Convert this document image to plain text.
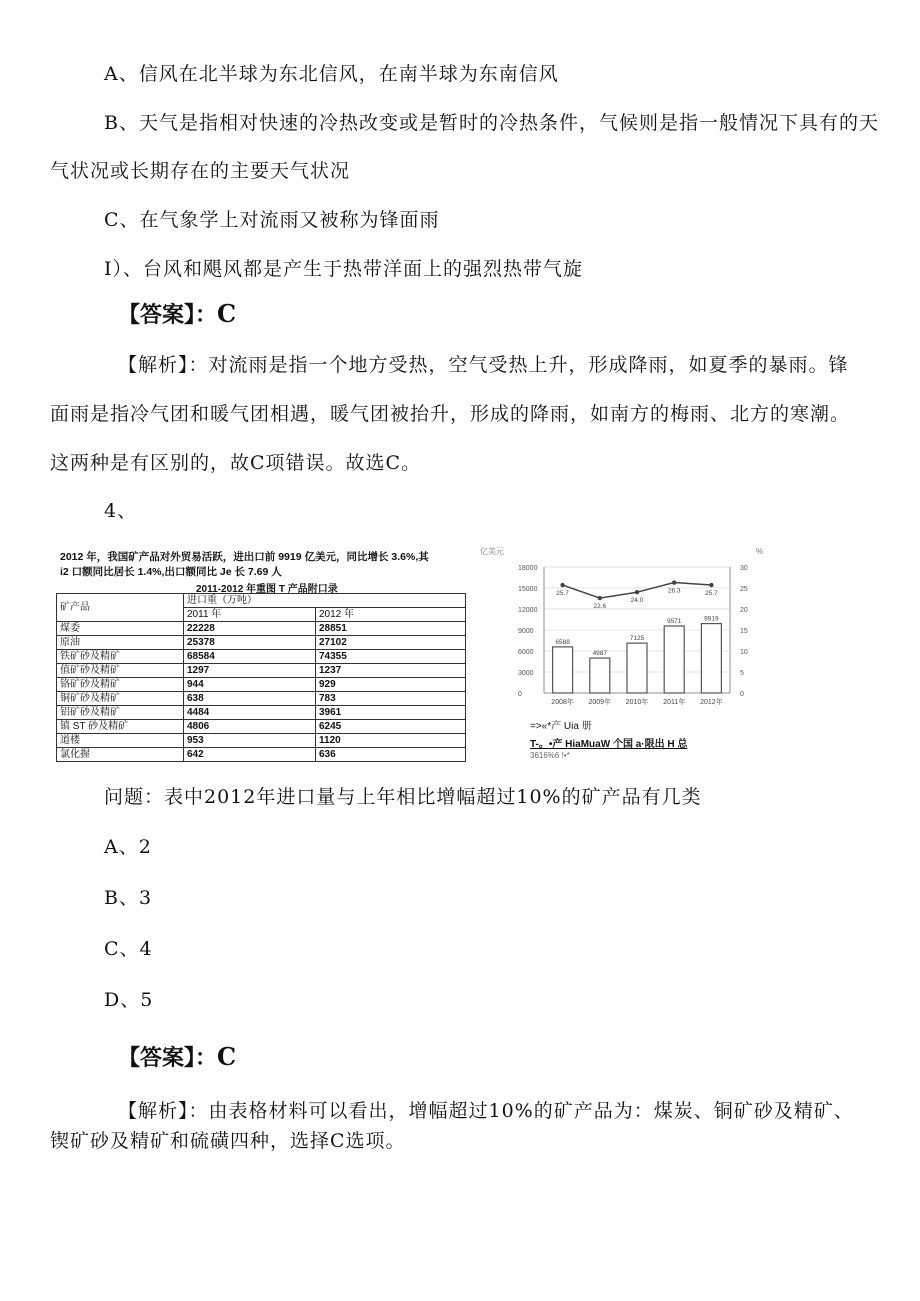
A、信风在北半球为东北信风，在南半球为东南信风
B、天气是指相对快速的冷热改变或是暂时的冷热条件，气候则是指一般情况下具有的天
气状况或长期存在的主要天气状况
C、在气象学上对流雨又被称为锋面雨
I）、台风和飓风都是产生于热带洋面上的强烈热带气旋
【答案】：C
【解析】：对流雨是指一个地方受热，空气受热上升，形成降雨，如夏季的暴雨。锋
面雨是指冷气团和暖气团相遇，暖气团被抬升，形成的降雨，如南方的梅雨、北方的寒潮。
这两种是有区别的，故C项错误。故选C。
4、
2012 年，我国矿产品对外贸易活跃，进出口前 9919 亿美元，同比增长 3.6%,其
i2 口额同比居长 1.4%,出口额同比 Je 长 7.69 人
2011-2012 年重图 T 产品附口录
矿产品	进口重（万吨）	
	2011 年	2012 年
煤委	22228	28851
原油	25378	27102
铁矿砂及精矿	68584	74355
值矿砂及精矿	1297	1237
铬矿砂及精矿	944	929
铜矿砂及精矿	638	783
铝矿砂及精矿	4484	3961
镇 ST 砂及精矿	4806	6245
道楼	953	1120
氯化握	642	636
亿美元	%
0
3000
6000
9000
12000
15000
18000
0
5
10
15
20
25
30
6588
2008年
4987
2009年
7125
2010年
9571
2011年
9919
2012年
25.7
22.6
24.0
26.3	25.7
=>«*产 Uia 册
T-。•产 HiaMuaW 个国 a·限出 H 总
3616%6 !•*
问题：表中2012年进口量与上年相比增幅超过10%的矿产品有几类
A、2
B、3
C、4
D、5
【答案】：C
【解析】：由表格材料可以看出，增幅超过10%的矿产品为：煤炭、铜矿砂及精矿、
锲矿砂及精矿和硫磺四种，选择C选项。
